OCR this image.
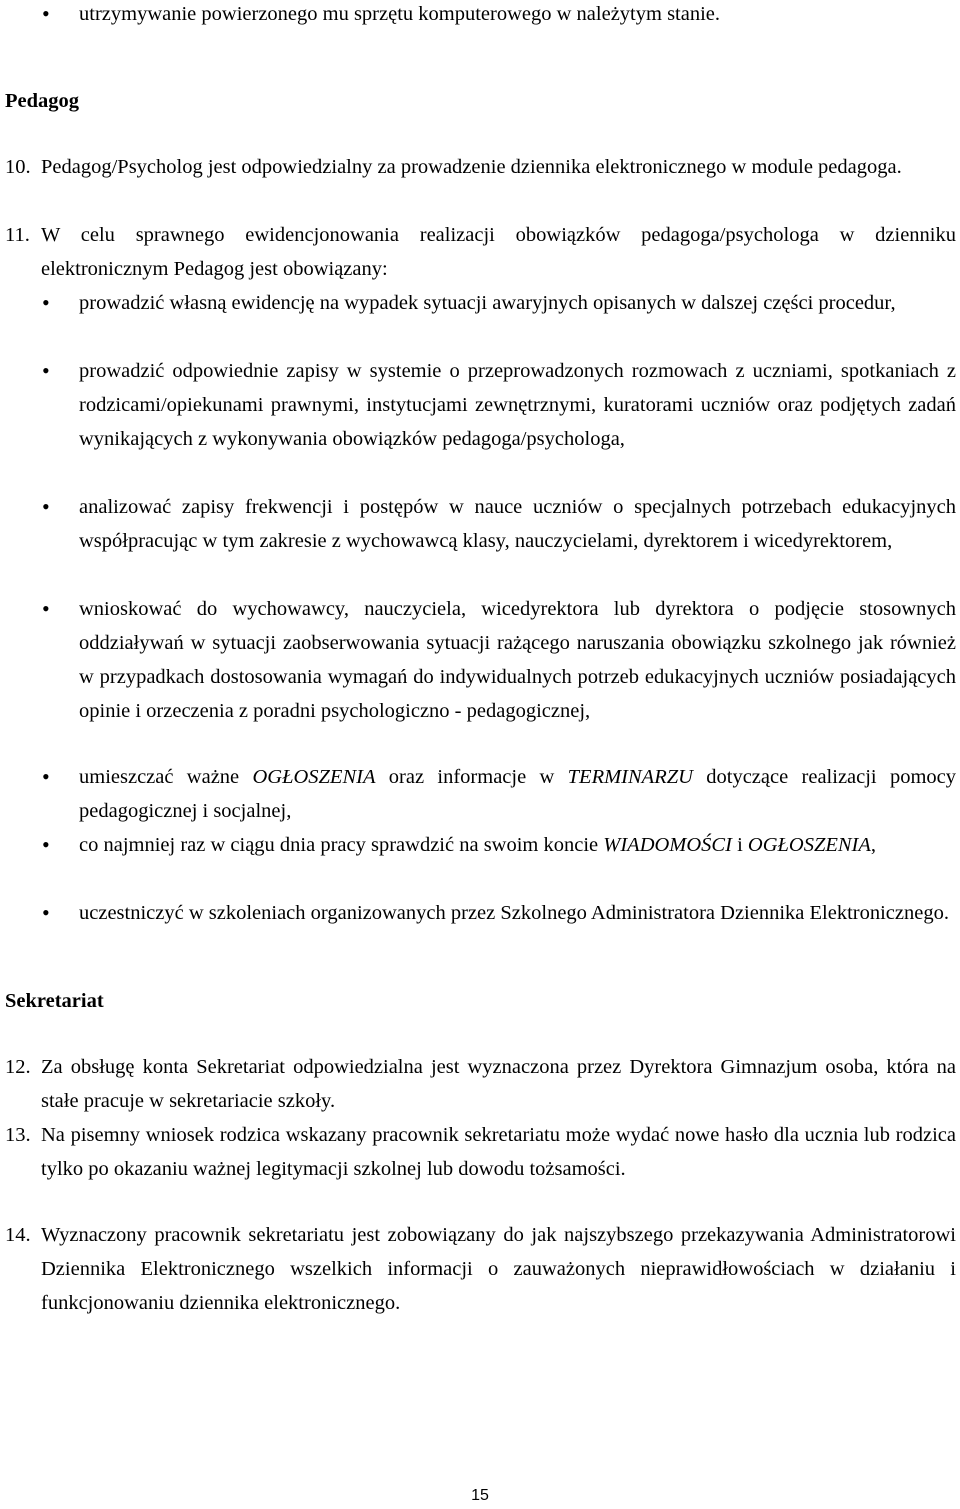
• utrzymywanie powierzonego mu sprzętu komputerowego w należytym stanie.
Pedagog
10. Pedagog/Psycholog jest odpowiedzialny za prowadzenie dziennika elektronicznego w module pedagoga.
11. W celu sprawnego ewidencjonowania realizacji obowiązków pedagoga/psychologa w dzienniku elektronicznym Pedagog jest obowiązany:
• prowadzić własną ewidencję na wypadek sytuacji awaryjnych opisanych w dalszej części procedur,
• prowadzić odpowiednie zapisy w systemie o przeprowadzonych rozmowach z uczniami, spotkaniach z rodzicami/opiekunami prawnymi, instytucjami zewnętrznymi, kuratorami uczniów oraz podjętych zadań wynikających z wykonywania obowiązków pedagoga/psychologa,
• analizować zapisy frekwencji i postępów w nauce uczniów o specjalnych potrzebach edukacyjnych współpracując w tym zakresie z wychowawcą klasy, nauczycielami, dyrektorem i wicedyrektorem,
• wnioskować do wychowawcy, nauczyciela, wicedyrektora lub dyrektora o podjęcie stosownych oddziaływań w sytuacji zaobserwowania sytuacji rażącego naruszania obowiązku szkolnego jak również w przypadkach dostosowania wymagań do indywidualnych potrzeb edukacyjnych uczniów posiadających opinie i orzeczenia z poradni psychologiczno - pedagogicznej,
• umieszczać ważne OGŁOSZENIA oraz informacje w TERMINARZU dotyczące realizacji pomocy pedagogicznej i socjalnej,
• co najmniej raz w ciągu dnia pracy sprawdzić na swoim koncie WIADOMOŚCI i OGŁOSZENIA,
• uczestniczyć w szkoleniach organizowanych przez Szkolnego Administratora Dziennika Elektronicznego.
Sekretariat
12. Za obsługę konta Sekretariat odpowiedzialna jest wyznaczona przez Dyrektora Gimnazjum osoba, która na stałe pracuje w sekretariacie szkoły.
13. Na pisemny wniosek rodzica wskazany pracownik sekretariatu może wydać nowe hasło dla ucznia lub rodzica tylko po okazaniu ważnej legitymacji szkolnej lub dowodu tożsamości.
14. Wyznaczony pracownik sekretariatu jest zobowiązany do jak najszybszego przekazywania Administratorowi Dziennika Elektronicznego wszelkich informacji o zauważonych nieprawidłowościach w działaniu i funkcjonowaniu dziennika elektronicznego.
15
